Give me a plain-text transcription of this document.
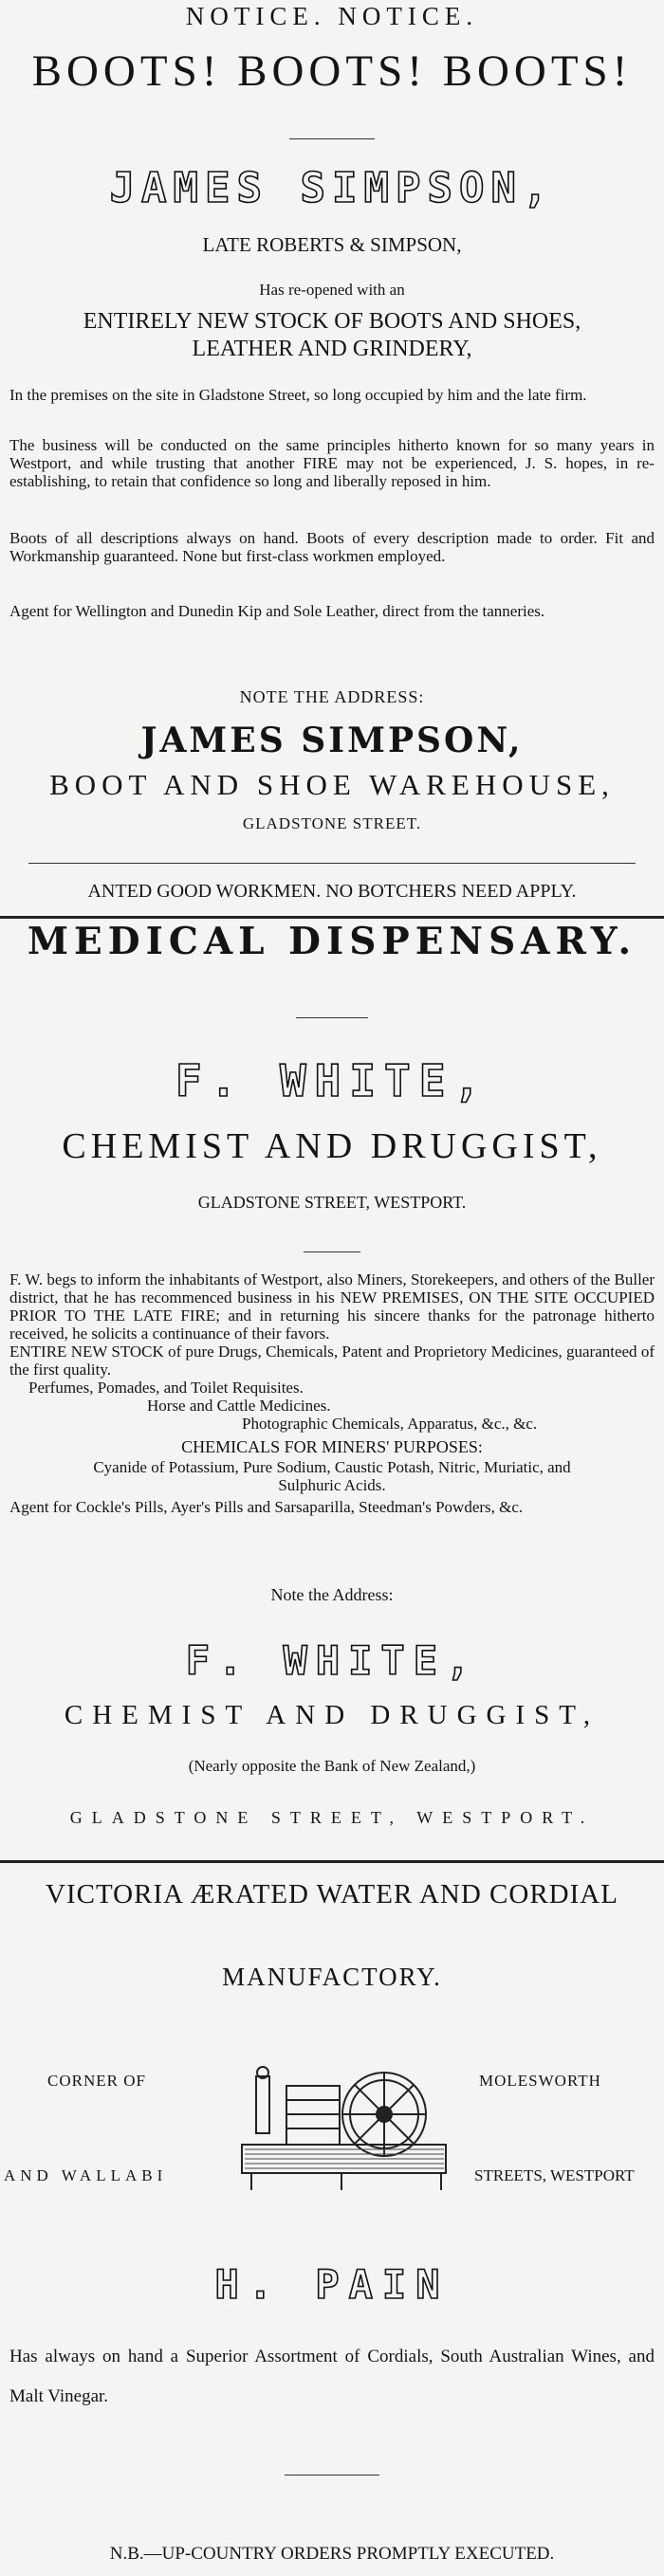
NOTICE. NOTICE.
BOOTS! BOOTS! BOOTS!
JAMES SIMPSON,
LATE ROBERTS & SIMPSON,
Has re-opened with an
ENTIRELY NEW STOCK OF BOOTS AND SHOES,
LEATHER AND GRINDERY,
In the premises on the site in Gladstone Street, so long occupied by him and the late firm.
The business will be conducted on the same principles hitherto known for so many years in Westport, and while trusting that another FIRE may not be experienced, J. S. hopes, in re-establishing, to retain that confidence so long and liberally reposed in him.
Boots of all descriptions always on hand. Boots of every description made to order. Fit and Workmanship guaranteed. None but first-class workmen employed.
Agent for Wellington and Dunedin Kip and Sole Leather, direct from the tanneries.
NOTE THE ADDRESS:
JAMES SIMPSON,
BOOT AND SHOE WAREHOUSE,
GLADSTONE STREET.
ANTED GOOD WORKMEN. NO BOTCHERS NEED APPLY.
MEDICAL DISPENSARY.
F. WHITE,
CHEMIST AND DRUGGIST,
GLADSTONE STREET, WESTPORT.
F. W. begs to inform the inhabitants of Westport, also Miners, Storekeepers, and others of the Buller district, that he has recommenced business in his NEW PREMISES, ON THE SITE OCCUPIED PRIOR TO THE LATE FIRE; and in returning his sincere thanks for the patronage hitherto received, he solicits a continuance of their favors.
ENTIRE NEW STOCK of pure Drugs, Chemicals, Patent and Proprietory Medicines, guaranteed of the first quality.
Perfumes, Pomades, and Toilet Requisites.
Horse and Cattle Medicines.
Photographic Chemicals, Apparatus, &c., &c.
CHEMICALS FOR MINERS' PURPOSES:
Cyanide of Potassium, Pure Sodium, Caustic Potash, Nitric, Muriatic, and
Sulphuric Acids.
Agent for Cockle's Pills, Ayer's Pills and Sarsaparilla, Steedman's Powders, &c.
Note the Address:
F. WHITE,
CHEMIST AND DRUGGIST,
(Nearly opposite the Bank of New Zealand,)
GLADSTONE STREET, WESTPORT.
VICTORIA ÆRATED WATER AND CORDIAL
MANUFACTORY.
CORNER OF	MOLESWORTH
AND WALLABI	STREETS, WESTPORT
H. PAIN
Has always on hand a Superior Assortment of Cordials, South Australian Wines, and Malt Vinegar.
N.B.—UP-COUNTRY ORDERS PROMPTLY EXECUTED.
